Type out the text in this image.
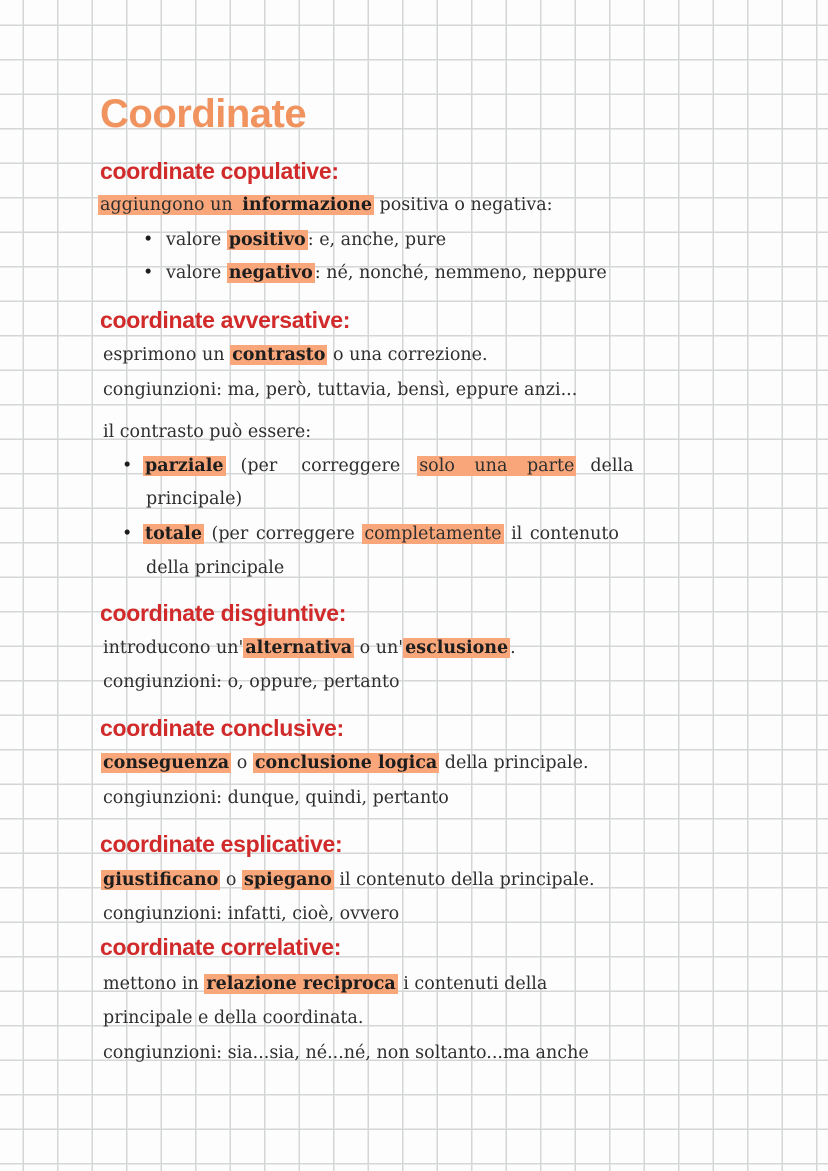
Coordinate
coordinate copulative:

aggiungono un informazione positiva o negativa:

• valore positivo : e, anche, pure

• valore negativo : né, nonché, nemmeno, neppure

coordinate avversative:

esprimono un contrasto o una correzione.

congiunzioni: ma, però, tuttavia, bensì, eppure anzi...

il contrasto può essere:

• parziale (per correggere solo una parte della

principale)

• totale (per correggere completamente il contenuto

della principale

coordinate disgiuntive:

introducono un' alternativa o un' esclusione .

congiunzioni: o, oppure, pertanto

coordinate conclusive:

conseguenza o conclusione logica della principale.

congiunzioni: dunque, quindi, pertanto

coordinate esplicative:

giustificano o spiegano il contenuto della principale.

congiunzioni: infatti, cioè, ovvero

coordinate correlative:

mettono in relazione reciproca i contenuti della

principale e della coordinata.

congiunzioni: sia...sia, né...né, non soltanto...ma anche
